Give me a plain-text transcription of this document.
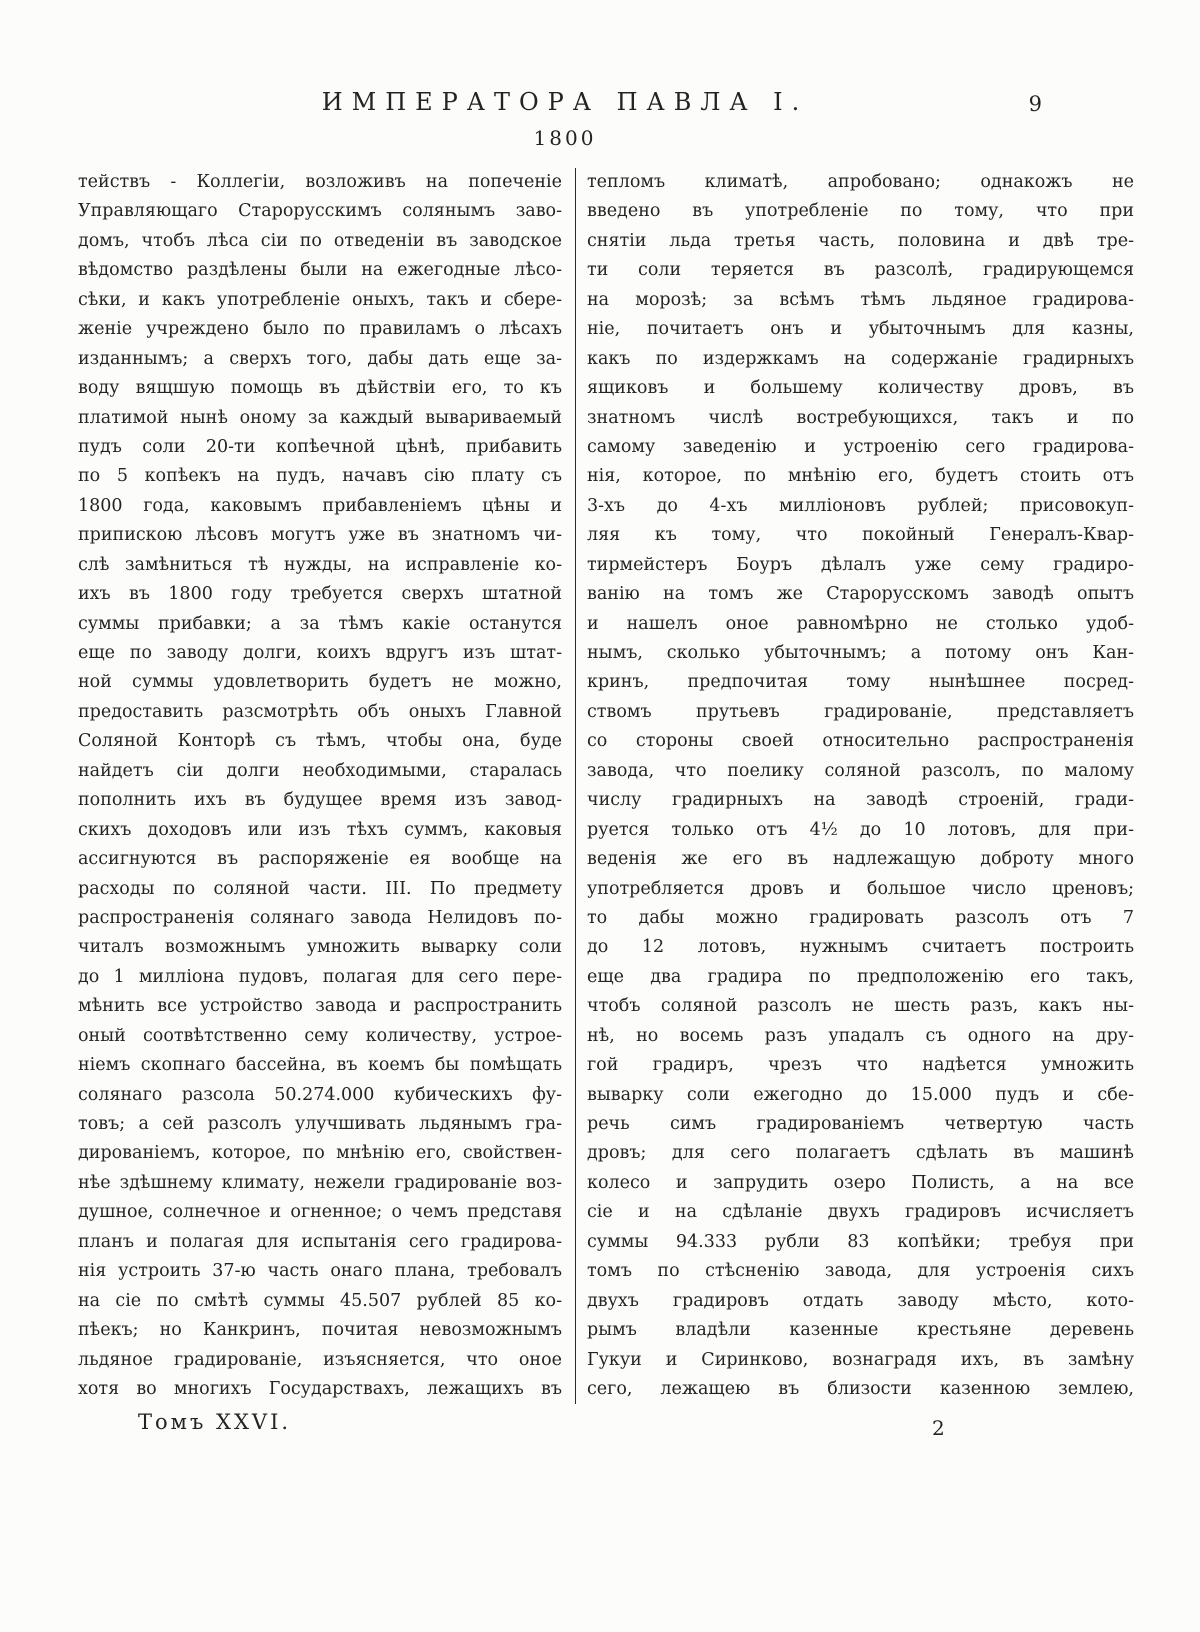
ИМПЕРАТОРА ПАВЛА I.	9
1800
тействъ - Коллегіи, возложивъ на попеченіе
Управляющаго Старорусскимъ солянымъ заво-
домъ, чтобъ лѣса сіи по отведеніи въ заводское
вѣдомство раздѣлены были на ежегодные лѣсо-
сѣки, и какъ употребленіе оныхъ, такъ и сбере-
женіе учреждено было по правиламъ о лѣсахъ
изданнымъ; а сверхъ того, дабы дать еще за-
воду вящшую помощь въ дѣйствіи его, то къ
платимой нынѣ оному за каждый вывариваемый
пудъ соли 20-ти копѣечной цѣнѣ, прибавить
по 5 копѣекъ на пудъ, начавъ сію плату съ
1800 года, каковымъ прибавленіемъ цѣны и
припискою лѣсовъ могутъ уже въ знатномъ чи-
слѣ замѣниться тѣ нужды, на исправленіе ко-
ихъ въ 1800 году требуется сверхъ штатной
суммы прибавки; а за тѣмъ какіе останутся
еще по заводу долги, коихъ вдругъ изъ штат-
ной суммы удовлетворить будетъ не можно,
предоставить разсмотрѣть объ оныхъ Главной
Соляной Конторѣ съ тѣмъ, чтобы она, буде
найдетъ сіи долги необходимыми, старалась
пополнить ихъ въ будущее время изъ завод-
скихъ доходовъ или изъ тѣхъ суммъ, каковыя
ассигнуются въ распоряженіе ея вообще на
расходы по соляной части. III. По предмету
распространенія солянаго завода Нелидовъ по-
читалъ возможнымъ умножить выварку соли
до 1 милліона пудовъ, полагая для сего пере-
мѣнить все устройство завода и распространить
оный соотвѣтственно сему количеству, устрое-
ніемъ скопнаго бассейна, въ коемъ бы помѣщать
солянаго разсола 50.274.000 кубическихъ фу-
товъ; а сей разсолъ улучшивать льдянымъ гра-
дированіемъ, которое, по мнѣнію его, свойствен-
нѣе здѣшнему климату, нежели градированіе воз-
душное, солнечное и огненное; о чемъ представя
планъ и полагая для испытанія сего градирова-
нія устроить 37-ю часть онаго плана, требовалъ
на сіе по смѣтѣ суммы 45.507 рублей 85 ко-
пѣекъ; но Канкринъ, почитая невозможнымъ
льдяное градированіе, изъясняется, что оное
хотя во многихъ Государствахъ, лежащихъ въ
тепломъ климатѣ, апробовано; однакожъ не
введено въ употребленіе по тому, что при
снятіи льда третья часть, половина и двѣ тре-
ти соли теряется въ разсолѣ, градирующемся
на морозѣ; за всѣмъ тѣмъ льдяное градирова-
ніе, почитаетъ онъ и убыточнымъ для казны,
какъ по издержкамъ на содержаніе градирныхъ
ящиковъ и большему количеству дровъ, въ
знатномъ числѣ востребующихся, такъ и по
самому заведенію и устроенію сего градирова-
нія, которое, по мнѣнію его, будетъ стоить отъ
3-хъ до 4-хъ милліоновъ рублей; присовокуп-
ляя къ тому, что покойный Генералъ-Квар-
тирмейстеръ Боуръ дѣлалъ уже сему градиро-
ванію на томъ же Старорусскомъ заводѣ опытъ
и нашелъ оное равномѣрно не столько удоб-
нымъ, сколько убыточнымъ; а потому онъ Кан-
кринъ, предпочитая тому нынѣшнее посред-
ствомъ прутьевъ градированіе, представляетъ
со стороны своей относительно распространенія
завода, что поелику соляной разсолъ, по малому
числу градирныхъ на заводѣ строеній, гради-
руется только отъ 4½ до 10 лотовъ, для при-
веденія же его въ надлежащую доброту много
употребляется дровъ и большое число цреновъ;
то дабы можно градировать разсолъ отъ 7
до 12 лотовъ, нужнымъ считаетъ построить
еще два градира по предположенію его такъ,
чтобъ соляной разсолъ не шесть разъ, какъ ны-
нѣ, но восемь разъ упадалъ съ одного на дру-
гой градиръ, чрезъ что надѣется умножить
выварку соли ежегодно до 15.000 пудъ и сбе-
речь симъ градированіемъ четвертую часть
дровъ; для сего полагаетъ сдѣлать въ машинѣ
колесо и запрудить озеро Полисть, а на все
сіе и на сдѣланіе двухъ градировъ исчисляетъ
суммы 94.333 рубли 83 копѣйки; требуя при
томъ по стѣсненію завода, для устроенія сихъ
двухъ градировъ отдать заводу мѣсто, кото-
рымъ владѣли казенные крестьяне деревень
Гукуи и Сиринково, вознаградя ихъ, въ замѣну
сего, лежащею въ близости казенною землею,
Томъ XXVI.	2
